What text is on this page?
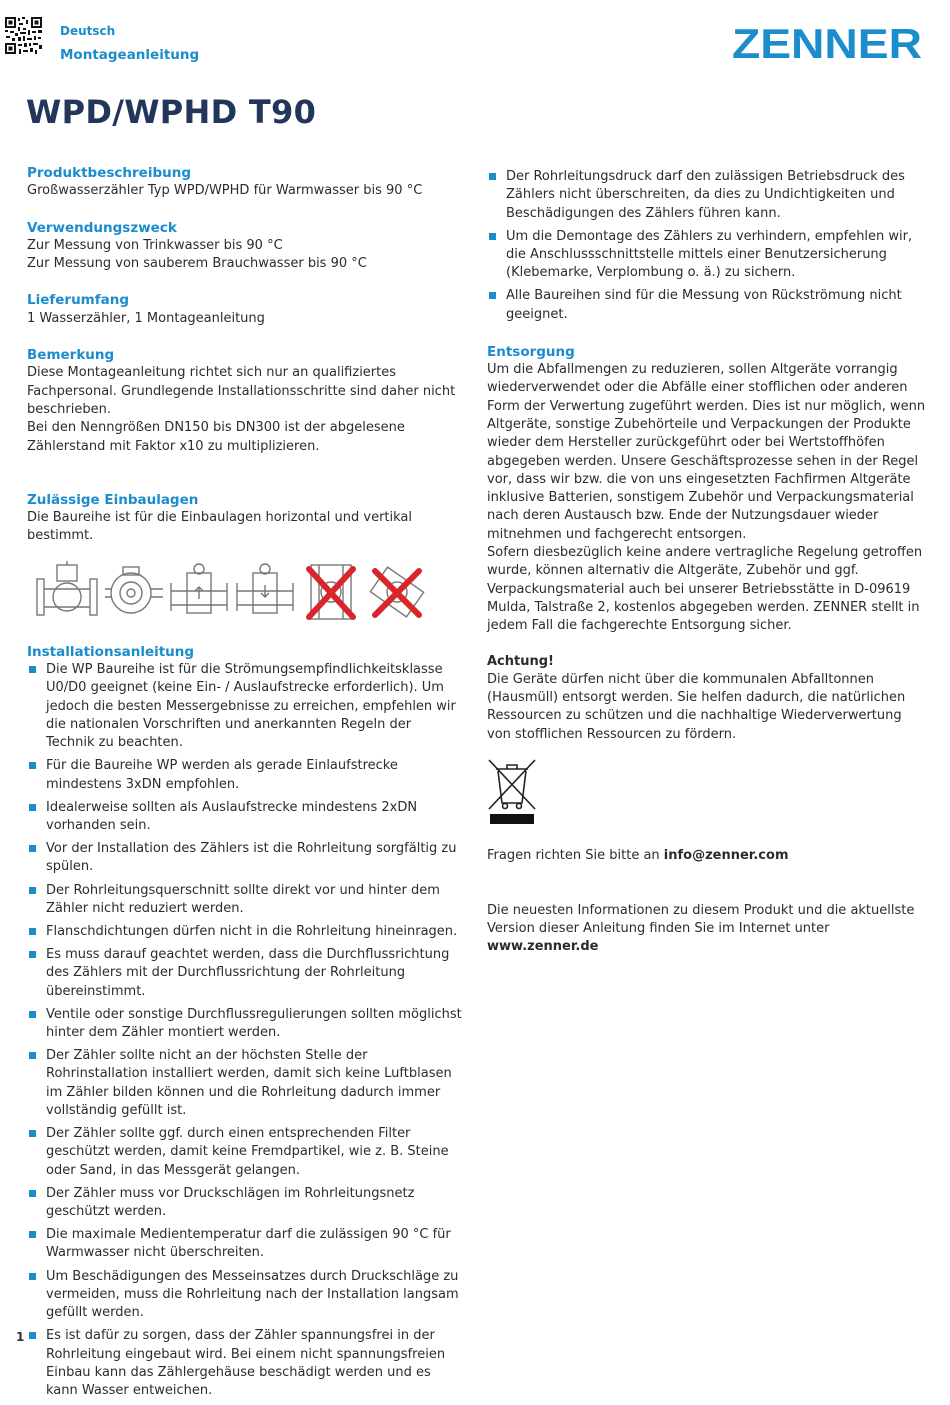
Deutsch
Montageanleitung	ZENNER
WPD/WPHD T90

Produktbeschreibung

Großwasserzähler Typ WPD/WPHD für Warmwasser bis 90 °C

Verwendungszweck

Zur Messung von Trinkwasser bis 90 °C

Zur Messung von sauberem Brauchwasser bis 90 °C

Lieferumfang

1 Wasserzähler, 1 Montageanleitung

Bemerkung

Diese Montageanleitung richtet sich nur an qualifiziertes Fachpersonal. Grundlegende Installationsschritte sind daher nicht beschrieben.

Bei den Nenngrößen DN150 bis DN300 ist der abgelesene Zählerstand mit Faktor x10 zu multiplizieren.

Zulässige Einbaulagen

Die Baureihe ist für die Einbaulagen horizontal und vertikal bestimmt.

Installationsanleitung

Die WP Baureihe ist für die Strömungsempfindlichkeitsklasse U0/D0 geeignet (keine Ein- / Auslaufstrecke erforderlich). Um jedoch die besten Messergebnisse zu erreichen, empfehlen wir die nationalen Vorschriften und anerkannten Regeln der Technik zu beachten.
Für die Baureihe WP werden als gerade Einlaufstrecke mindestens 3xDN empfohlen.
Idealerweise sollten als Auslaufstrecke mindestens 2xDN vorhanden sein.
Vor der Installation des Zählers ist die Rohrleitung sorgfältig zu spülen.
Der Rohrleitungsquerschnitt sollte direkt vor und hinter dem Zähler nicht reduziert werden.
Flanschdichtungen dürfen nicht in die Rohrleitung hineinragen.
Es muss darauf geachtet werden, dass die Durchflussrichtung des Zählers mit der Durchflussrichtung der Rohrleitung übereinstimmt.
Ventile oder sonstige Durchflussregulierungen sollten möglichst hinter dem Zähler montiert werden.
Der Zähler sollte nicht an der höchsten Stelle der Rohrinstallation installiert werden, damit sich keine Luftblasen im Zähler bilden können und die Rohrleitung dadurch immer vollständig gefüllt ist.
Der Zähler sollte ggf. durch einen entsprechenden Filter geschützt werden, damit keine Fremdpartikel, wie z. B. Steine oder Sand, in das Messgerät gelangen.
Der Zähler muss vor Druckschlägen im Rohrleitungsnetz geschützt werden.
Die maximale Medientemperatur darf die zulässigen 90 °C für Warmwasser nicht überschreiten.
Um Beschädigungen des Messeinsatzes durch Druckschläge zu vermeiden, muss die Rohrleitung nach der Installation langsam gefüllt werden.
Es ist dafür zu sorgen, dass der Zähler spannungsfrei in der Rohrleitung eingebaut wird. Bei einem nicht spannungsfreien Einbau kann das Zählergehäuse beschädigt werden und es kann Wasser entweichen.
Der Rohrleitungsdruck darf den zulässigen Betriebsdruck des Zählers nicht überschreiten, da dies zu Undichtigkeiten und Beschädigungen des Zählers führen kann.
Um die Demontage des Zählers zu verhindern, empfehlen wir, die Anschlussschnittstelle mittels einer Benutzersicherung (Klebemarke, Verplombung o. ä.) zu sichern.
Alle Baureihen sind für die Messung von Rückströmung nicht geeignet.

Entsorgung

Um die Abfallmengen zu reduzieren, sollen Altgeräte vorrangig wiederverwendet oder die Abfälle einer stofflichen oder anderen Form der Verwertung zugeführt werden. Dies ist nur möglich, wenn Altgeräte, sonstige Zubehörteile und Verpackungen der Produkte wieder dem Hersteller zurückgeführt oder bei Wertstoffhöfen abgegeben werden. Unsere Geschäftsprozesse sehen in der Regel vor, dass wir bzw. die von uns eingesetzten Fachfirmen Altgeräte inklusive Batterien, sonstigem Zubehör und Verpackungsmaterial nach deren Austausch bzw. Ende der Nutzungsdauer wieder mitnehmen und fachgerecht entsorgen.

Sofern diesbezüglich keine andere vertragliche Regelung getroffen wurde, können alternativ die Altgeräte, Zubehör und ggf. Verpackungsmaterial auch bei unserer Betriebsstätte in D-09619 Mulda, Talstraße 2, kostenlos abgegeben werden. ZENNER stellt in jedem Fall die fachgerechte Entsorgung sicher.

Achtung!

Die Geräte dürfen nicht über die kommunalen Abfalltonnen (Hausmüll) entsorgt werden. Sie helfen dadurch, die natürlichen Ressourcen zu schützen und die nachhaltige Wiederverwertung von stofflichen Ressourcen zu fördern.

Fragen richten Sie bitte an info@zenner.com

Die neuesten Informationen zu diesem Produkt und die aktuellste Version dieser Anleitung finden Sie im Internet unter www.zenner.de

1
